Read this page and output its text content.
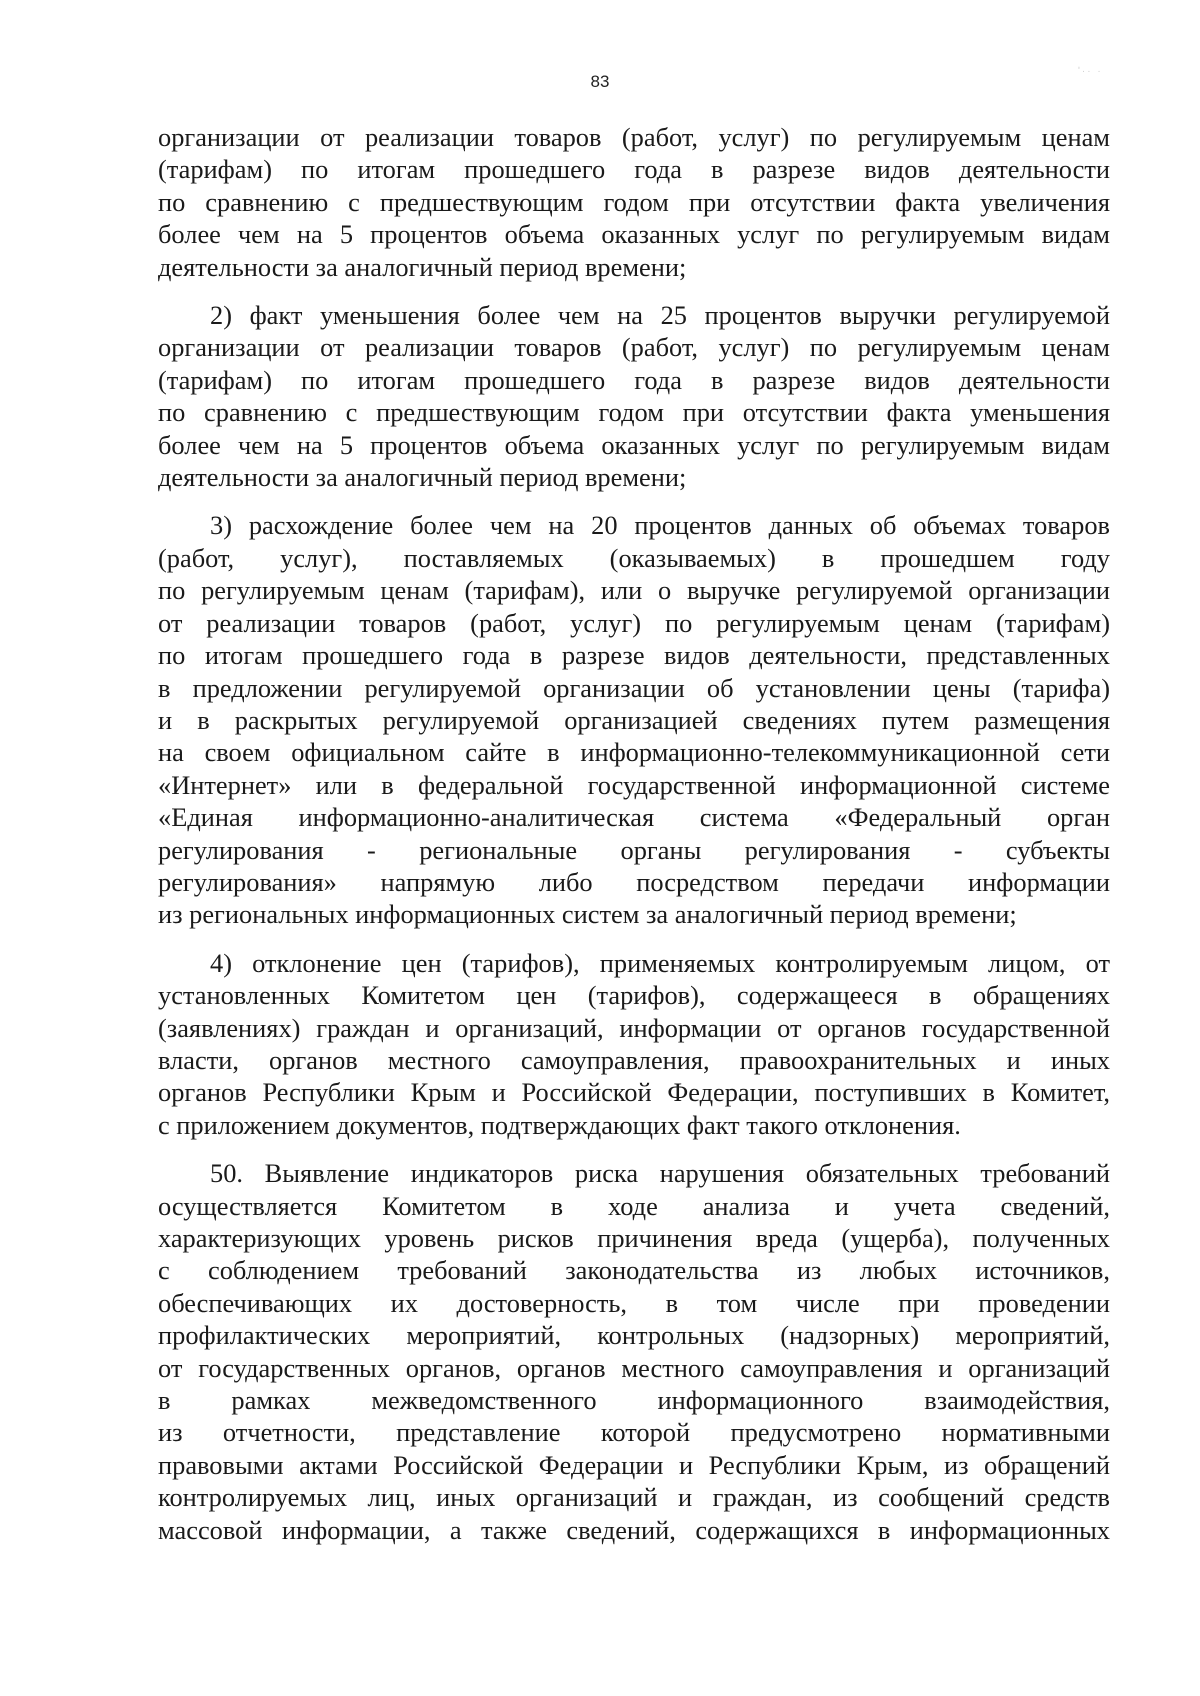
83
ʹ·· ·
организации от реализации товаров (работ, услуг) по регулируемым ценам
(тарифам) по итогам прошедшего года в разрезе видов деятельности
по сравнению с предшествующим годом при отсутствии факта увеличения
более чем на 5 процентов объема оказанных услуг по регулируемым видам
деятельности за аналогичный период времени;
2) факт уменьшения более чем на 25 процентов выручки регулируемой
организации от реализации товаров (работ, услуг) по регулируемым ценам
(тарифам) по итогам прошедшего года в разрезе видов деятельности
по сравнению с предшествующим годом при отсутствии факта уменьшения
более чем на 5 процентов объема оказанных услуг по регулируемым видам
деятельности за аналогичный период времени;
3) расхождение более чем на 20 процентов данных об объемах товаров
(работ, услуг), поставляемых (оказываемых) в прошедшем году
по регулируемым ценам (тарифам), или о выручке регулируемой организации
от реализации товаров (работ, услуг) по регулируемым ценам (тарифам)
по итогам прошедшего года в разрезе видов деятельности, представленных
в предложении регулируемой организации об установлении цены (тарифа)
и в раскрытых регулируемой организацией сведениях путем размещения
на своем официальном сайте в информационно-телекоммуникационной сети
«Интернет» или в федеральной государственной информационной системе
«Единая информационно-аналитическая система «Федеральный орган
регулирования - региональные органы регулирования - субъекты
регулирования» напрямую либо посредством передачи информации
из региональных информационных систем за аналогичный период времени;
4) отклонение цен (тарифов), применяемых контролируемым лицом, от
установленных Комитетом цен (тарифов), содержащееся в обращениях
(заявлениях) граждан и организаций, информации от органов государственной
власти, органов местного самоуправления, правоохранительных и иных
органов Республики Крым и Российской Федерации, поступивших в Комитет,
с приложением документов, подтверждающих факт такого отклонения.
50. Выявление индикаторов риска нарушения обязательных требований
осуществляется Комитетом в ходе анализа и учета сведений,
характеризующих уровень рисков причинения вреда (ущерба), полученных
с соблюдением требований законодательства из любых источников,
обеспечивающих их достоверность, в том числе при проведении
профилактических мероприятий, контрольных (надзорных) мероприятий,
от государственных органов, органов местного самоуправления и организаций
в рамках межведомственного информационного взаимодействия,
из отчетности, представление которой предусмотрено нормативными
правовыми актами Российской Федерации и Республики Крым, из обращений
контролируемых лиц, иных организаций и граждан, из сообщений средств
массовой информации, а также сведений, содержащихся в информационных
